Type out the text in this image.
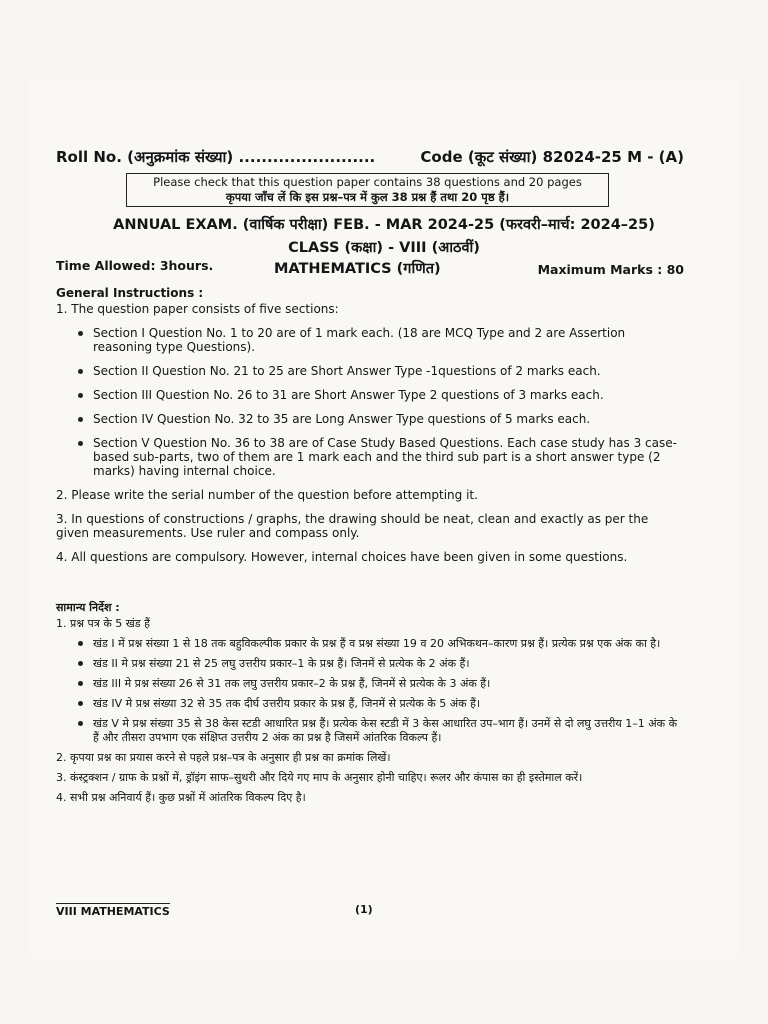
Roll No. (अनुक्रमांक संख्या) ........................	Code (कूट संख्या) 82024-25 M - (A)
Please check that this question paper contains 38 questions and 20 pages
कृपया जाँच लें कि इस प्रश्न–पत्र में कुल 38 प्रश्न हैं तथा 20 पृष्ठ हैं।
ANNUAL EXAM. (वार्षिक परीक्षा) FEB. - MAR 2024-25 (फरवरी–मार्च: 2024–25)
CLASS (कक्षा) - VIII (आठवीं)
Time Allowed: 3hours.	MATHEMATICS (गणित)	Maximum Marks : 80
General Instructions :
1. The question paper consists of five sections:
Section I Question No. 1 to 20 are of 1 mark each. (18 are MCQ Type and 2 are Assertion reasoning type Questions).
Section II Question No. 21 to 25 are Short Answer Type -1questions of 2 marks each.
Section III Question No. 26 to 31 are Short Answer Type 2 questions of 3 marks each.
Section IV Question No. 32 to 35 are Long Answer Type questions of 5 marks each.
Section V Question No. 36 to 38 are of Case Study Based Questions. Each case study has 3 case-based sub-parts, two of them are 1 mark each and the third sub part is a short answer type (2 marks) having internal choice.
2. Please write the serial number of the question before attempting it.
3. In questions of constructions / graphs, the drawing should be neat, clean and exactly as per the given measurements. Use ruler and compass only.
4. All questions are compulsory. However, internal choices have been given in some questions.
सामान्य निर्देश :
1. प्रश्न पत्र के 5 खंड हैं
खंड I में प्रश्न संख्या 1 से 18 तक बहुविकल्पीक प्रकार के प्रश्न हैं व प्रश्न संख्या 19 व 20 अभिकथन–कारण प्रश्न हैं। प्रत्येक प्रश्न एक अंक का है।
खंड II मे प्रश्न संख्या 21 से 25 लघु उत्तरीय प्रकार–1 के प्रश्न हैं। जिनमें से प्रत्येक के 2 अंक हैं।
खंड III मे प्रश्न संख्या 26 से 31 तक लघु उत्तरीय प्रकार–2 के प्रश्न हैं, जिनमें से प्रत्येक के 3 अंक हैं।
खंड IV मे प्रश्न संख्या 32 से 35 तक दीर्घ उत्तरीय प्रकार के प्रश्न हैं, जिनमें से प्रत्येक के 5 अंक हैं।
खंड V मे प्रश्न संख्या 35 से 38 केस स्टडी आधारित प्रश्न हैं। प्रत्येक केस स्टडी में 3 केस आधारित उप–भाग हैं। उनमें से दो लघु उत्तरीय 1–1 अंक के हैं और तीसरा उपभाग एक संक्षिप्त उत्तरीय 2 अंक का प्रश्न है जिसमें आंतरिक विकल्प हैं।
2. कृपया प्रश्न का प्रयास करने से पहले प्रश्न–पत्र के अनुसार ही प्रश्न का क्रमांक लिखें।
3. कंस्ट्रक्शन / ग्राफ के प्रश्नों में, ड्रॉइंग साफ–सुथरी और दिये गए माप के अनुसार होनी चाहिए। रूलर और कंपास का ही इस्तेमाल करें।
4. सभी प्रश्न अनिवार्य हैं। कुछ प्रश्नों में आंतरिक विकल्प दिए है।
VIII MATHEMATICS	(1)
